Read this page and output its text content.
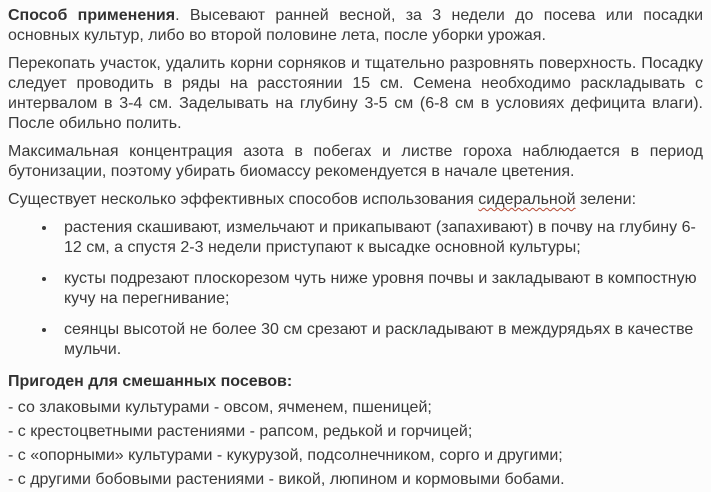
Способ применения. Высевают ранней весной, за 3 недели до посева или посадки основных культур, либо во второй половине лета, после уборки урожая.

Перекопать участок, удалить корни сорняков и тщательно разровнять поверхность. Посадку следует проводить в ряды на расстоянии 15 см. Семена необходимо раскладывать с интервалом в 3-4 см. Заделывать на глубину 3-5 см (6-8 см в условиях дефицита влаги). После обильно полить.

Максимальная концентрация азота в побегах и листве гороха наблюдается в период бутонизации, поэтому убирать биомассу рекомендуется в начале цветения.

Существует несколько эффективных способов использования сидеральной зелени:

• растения скашивают, измельчают и прикапывают (запахивают) в почву на глубину 6-12 см, а спустя 2-3 недели приступают к высадке основной культуры;
• кусты подрезают плоскорезом чуть ниже уровня почвы и закладывают в компостную кучу на перегнивание;
• сеянцы высотой не более 30 см срезают и раскладывают в междурядьях в качестве мульчи.

Пригоден для смешанных посевов:

- со злаковыми культурами - овсом, ячменем, пшеницей;
- с крестоцветными растениями - рапсом, редькой и горчицей;
- с «опорными» культурами - кукурузой, подсолнечником, сорго и другими;
- с другими бобовыми растениями - викой, люпином и кормовыми бобами.
